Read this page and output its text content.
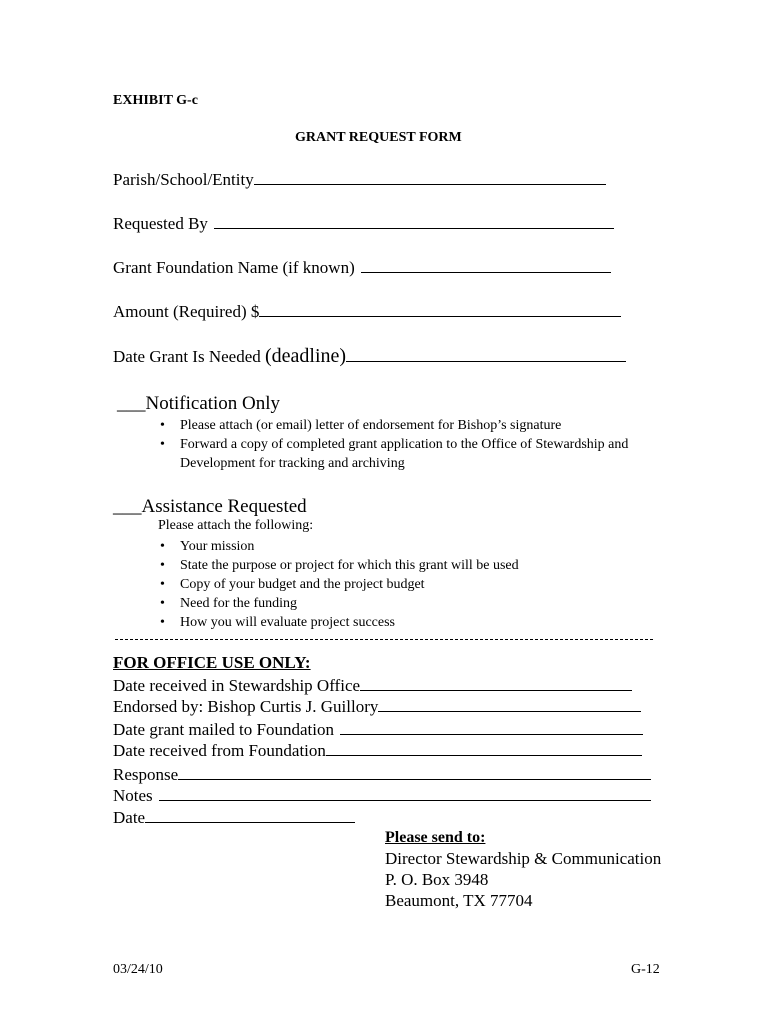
EXHIBIT G-c
GRANT REQUEST FORM
Parish/School/Entity
Requested By
Grant Foundation Name (if known)
Amount (Required) $
Date Grant Is Needed (deadline)
___Notification Only
• Please attach (or email) letter of endorsement for Bishop’s signature
• Forward a copy of completed grant application to the Office of Stewardship and Development for tracking and archiving
___Assistance Requested
Please attach the following:
• Your mission
• State the purpose or project for which this grant will be used
• Copy of your budget and the project budget
• Need for the funding
• How you will evaluate project success
FOR OFFICE USE ONLY:
Date received in Stewardship Office
Endorsed by: Bishop Curtis J. Guillory
Date grant mailed to Foundation
Date received from Foundation
Response
Notes
Date
Please send to:
Director Stewardship & Communication
P. O. Box 3948
Beaumont, TX 77704
03/24/10	G-12
